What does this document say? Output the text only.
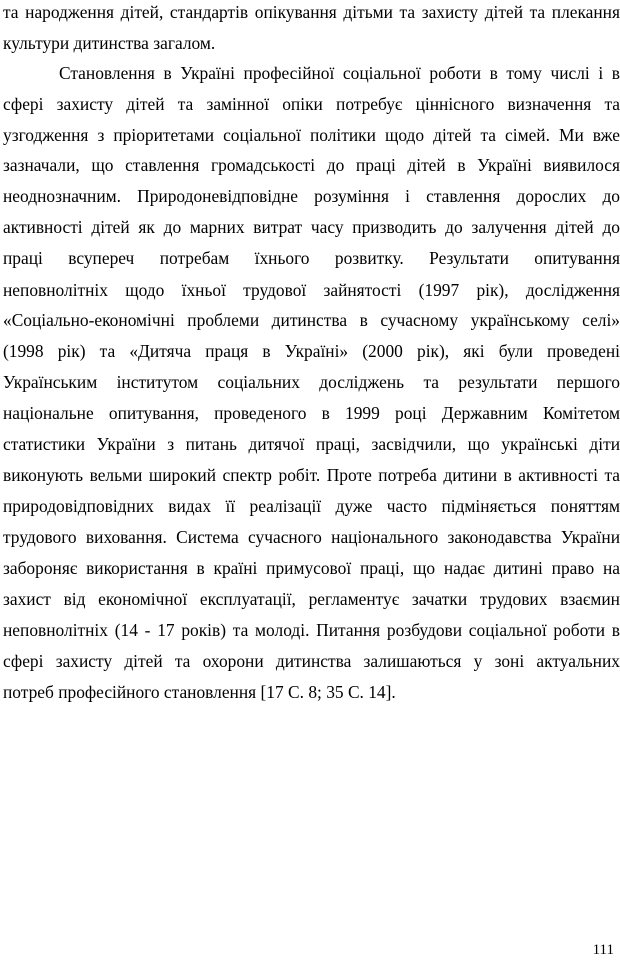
та народження дітей, стандартів опікування дітьми та захисту дітей та плекання
культури дитинства загалом.
Становлення в Україні професійної соціальної роботи в тому числі і в
сфері захисту дітей та замінної опіки потребує ціннісного визначення та
узгодження з пріоритетами соціальної політики щодо дітей та сімей. Ми вже
зазначали, що ставлення громадськості до праці дітей в Україні виявилося
неоднозначним. Природоневідповідне розуміння і ставлення дорослих до
активності дітей як до марних витрат часу призводить до залучення дітей до
праці всупереч потребам їхнього розвитку. Результати опитування
неповнолітніх щодо їхньої трудової зайнятості (1997 рік), дослідження
«Соціально-економічні проблеми дитинства в сучасному українському селі»
(1998 рік) та «Дитяча праця в Україні» (2000 рік), які були проведені
Українським інститутом соціальних досліджень та результати першого
національне опитування, проведеного в 1999 році Державним Комітетом
статистики України з питань дитячої праці, засвідчили, що українські діти
виконують вельми широкий спектр робіт. Проте потреба дитини в активності та
природовідповідних видах її реалізації дуже часто підміняється поняттям
трудового виховання. Система сучасного національного законодавства України
забороняє використання в країні примусової праці, що надає дитині право на
захист від економічної експлуатації, регламентує зачатки трудових взаємин
неповнолітніх (14 - 17 років) та молоді. Питання розбудови соціальної роботи в
сфері захисту дітей та охорони дитинства залишаються у зоні актуальних
потреб професійного становлення [17 С. 8; 35 С. 14].
111
